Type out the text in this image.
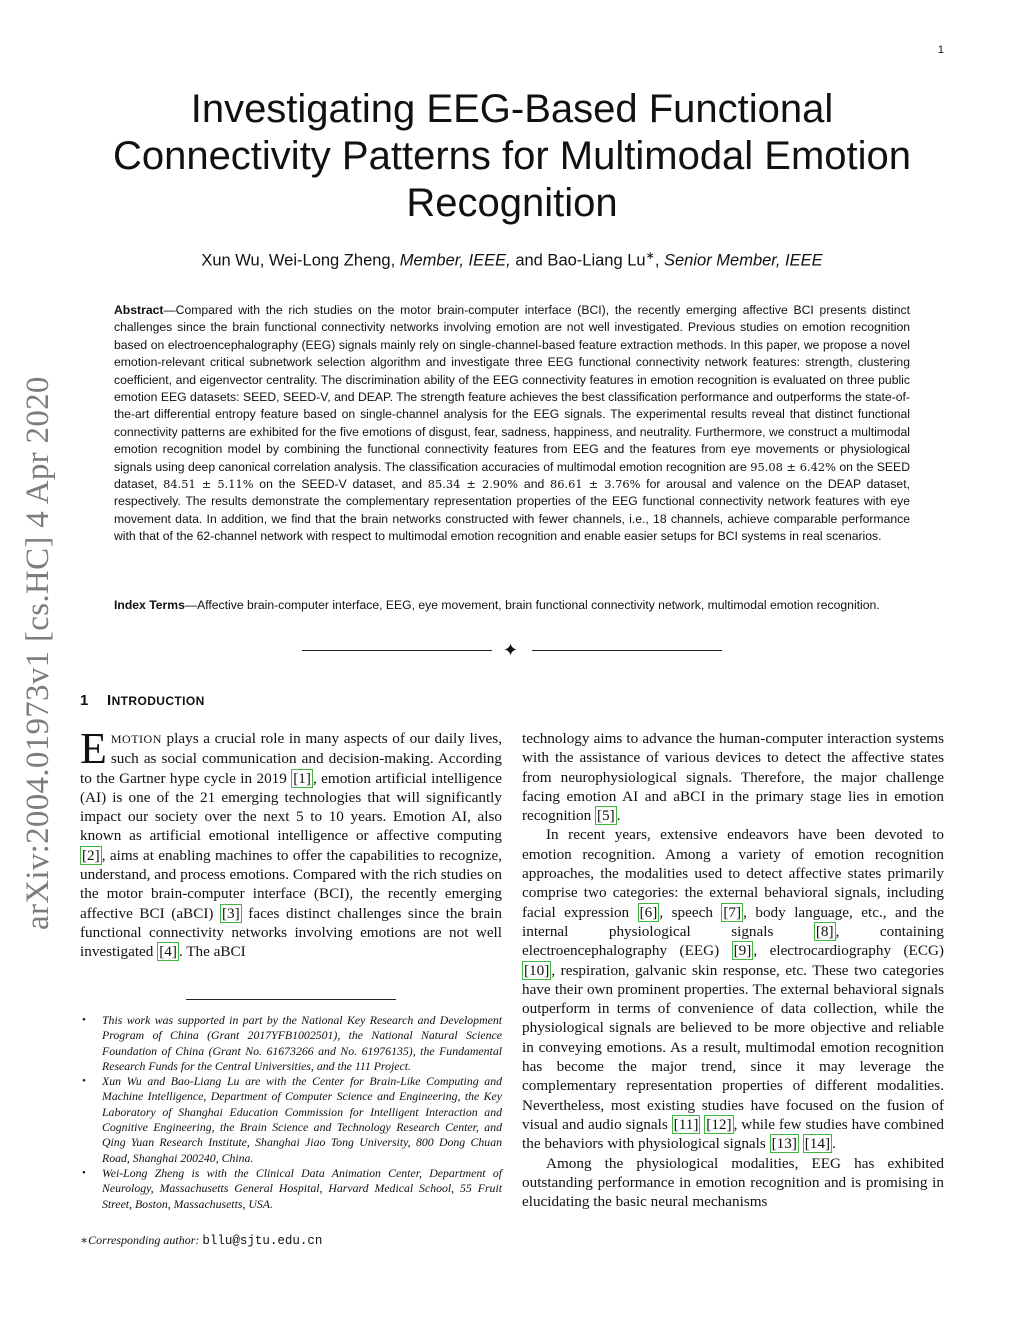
1
arXiv:2004.01973v1 [cs.HC] 4 Apr 2020
Investigating EEG-Based Functional Connectivity Patterns for Multimodal Emotion Recognition
Xun Wu, Wei-Long Zheng, Member, IEEE, and Bao-Liang Lu∗, Senior Member, IEEE
Abstract—Compared with the rich studies on the motor brain-computer interface (BCI), the recently emerging affective BCI presents distinct challenges since the brain functional connectivity networks involving emotion are not well investigated. Previous studies on emotion recognition based on electroencephalography (EEG) signals mainly rely on single-channel-based feature extraction methods. In this paper, we propose a novel emotion-relevant critical subnetwork selection algorithm and investigate three EEG functional connectivity network features: strength, clustering coefficient, and eigenvector centrality. The discrimination ability of the EEG connectivity features in emotion recognition is evaluated on three public emotion EEG datasets: SEED, SEED-V, and DEAP. The strength feature achieves the best classification performance and outperforms the state-of-the-art differential entropy feature based on single-channel analysis for the EEG signals. The experimental results reveal that distinct functional connectivity patterns are exhibited for the five emotions of disgust, fear, sadness, happiness, and neutrality. Furthermore, we construct a multimodal emotion recognition model by combining the functional connectivity features from EEG and the features from eye movements or physiological signals using deep canonical correlation analysis. The classification accuracies of multimodal emotion recognition are 95.08 ± 6.42% on the SEED dataset, 84.51 ± 5.11% on the SEED-V dataset, and 85.34 ± 2.90% and 86.61 ± 3.76% for arousal and valence on the DEAP dataset, respectively. The results demonstrate the complementary representation properties of the EEG functional connectivity network features with eye movement data. In addition, we find that the brain networks constructed with fewer channels, i.e., 18 channels, achieve comparable performance with that of the 62-channel network with respect to multimodal emotion recognition and enable easier setups for BCI systems in real scenarios.
Index Terms—Affective brain-computer interface, EEG, eye movement, brain functional connectivity network, multimodal emotion recognition.
✦
1 INTRODUCTION

EMOTION plays a crucial role in many aspects of our daily lives, such as social communication and decision-making. According to the Gartner hype cycle in 2019 [1] , emotion artificial intelligence (AI) is one of the 21 emerging technologies that will significantly impact our society over the next 5 to 10 years. Emotion AI, also known as artificial emotional intelligence or affective computing [2] , aims at enabling machines to offer the capabilities to recognize, understand, and process emotions. Compared with the rich studies on the motor brain-computer interface (BCI), the recently emerging affective BCI (aBCI) [3] faces distinct challenges since the brain functional connectivity networks involving emotions are not well investigated [4] . The aBCI

• This work was supported in part by the National Key Research and Development Program of China (Grant 2017YFB1002501), the National Natural Science Foundation of China (Grant No. 61673266 and No. 61976135), the Fundamental Research Funds for the Central Universities, and the 111 Project.
• Xun Wu and Bao-Liang Lu are with the Center for Brain-Like Computing and Machine Intelligence, Department of Computer Science and Engineering, the Key Laboratory of Shanghai Education Commission for Intelligent Interaction and Cognitive Engineering, the Brain Science and Technology Research Center, and Qing Yuan Research Institute, Shanghai Jiao Tong University, 800 Dong Chuan Road, Shanghai 200240, China.
• Wei-Long Zheng is with the Clinical Data Animation Center, Department of Neurology, Massachusetts General Hospital, Harvard Medical School, 55 Fruit Street, Boston, Massachusetts, USA.
∗Corresponding author: bllu@sjtu.edu.cn

technology aims to advance the human-computer interaction systems with the assistance of various devices to detect the affective states from neurophysiological signals. Therefore, the major challenge facing emotion AI and aBCI in the primary stage lies in emotion recognition [5] .

In recent years, extensive endeavors have been devoted to emotion recognition. Among a variety of emotion recognition approaches, the modalities used to detect affective states primarily comprise two categories: the external behavioral signals, including facial expression [6] , speech [7] , body language, etc., and the internal physiological signals [8] , containing electroencephalography (EEG) [9] , electrocardiography (ECG) [10] , respiration, galvanic skin response, etc. These two categories have their own prominent properties. The external behavioral signals outperform in terms of convenience of data collection, while the physiological signals are believed to be more objective and reliable in conveying emotions. As a result, multimodal emotion recognition has become the major trend, since it may leverage the complementary representation properties of different modalities. Nevertheless, most existing studies have focused on the fusion of visual and audio signals [11] [12] , while few studies have combined the behaviors with physiological signals [13] [14] .

Among the physiological modalities, EEG has exhibited outstanding performance in emotion recognition and is promising in elucidating the basic neural mechanisms
